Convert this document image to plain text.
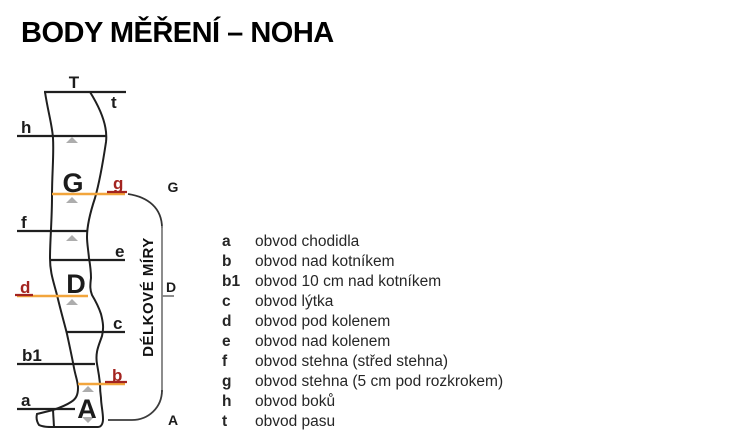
BODY MĚŘENÍ – NOHA
T
t
h
f
e
c
b1
a
g
d
b
G
D
A
G
D
A
DÉLKOVÉ MÍRY	a	obvod chodidla
b	obvod nad kotníkem
b1 obvod 10 cm nad kotníkem
c	obvod lýtka
d	obvod pod kolenem
e	obvod nad kolenem
f	obvod stehna (střed stehna)
g	obvod stehna (5 cm pod rozkrokem)
h	obvod boků
t	obvod pasu
